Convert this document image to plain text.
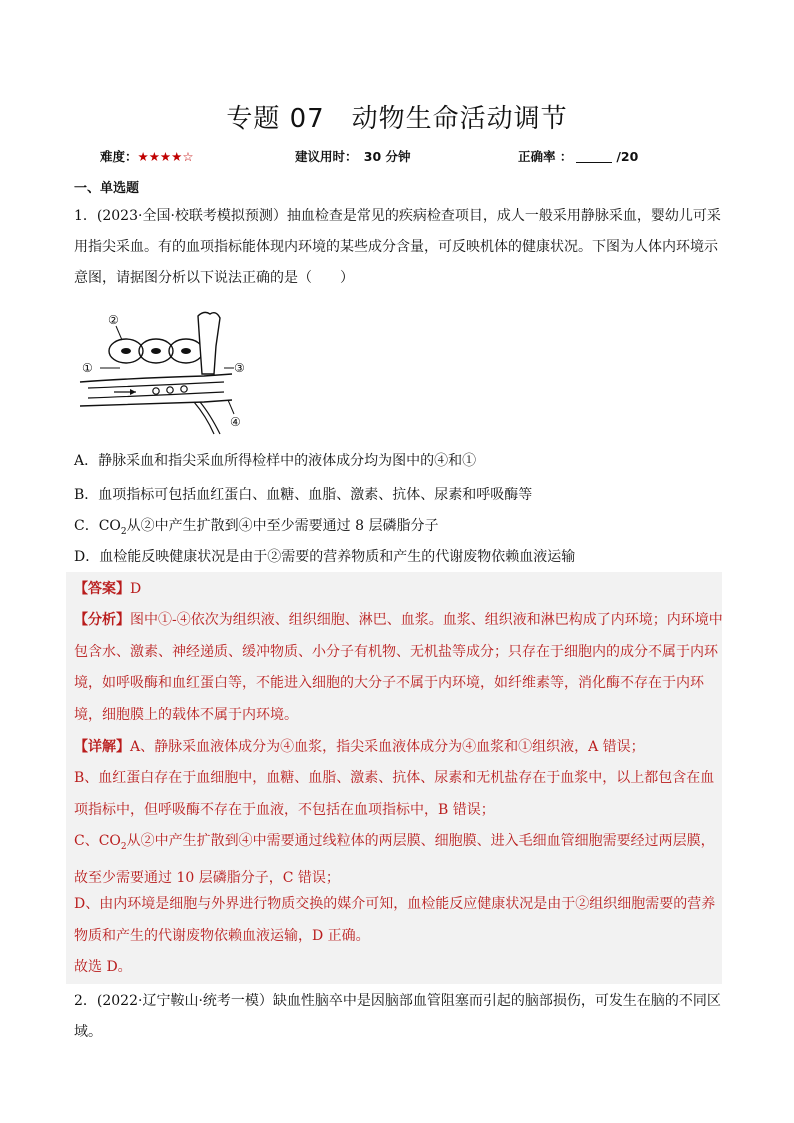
专题 07　动物生命活动调节
难度：★★★★☆	建议用时：　30 分钟	正确率 ：	/20
一、单选题
1．(2023·全国·校联考模拟预测）抽血检查是常见的疾病检查项目，成人一般采用静脉采血，婴幼儿可采用指尖采血。有的血项指标能体现内环境的某些成分含量，可反映机体的健康状况。下图为人体内环境示意图，请据图分析以下说法正确的是（　　）
②
①	③
④
A．静脉采血和指尖采血所得检样中的液体成分均为图中的④和①
B．血项指标可包括血红蛋白、血糖、血脂、激素、抗体、尿素和呼吸酶等
C．$CO_2$从②中产生扩散到④中至少需要通过 8 层磷脂分子
D．血检能反映健康状况是由于②需要的营养物质和产生的代谢废物依赖血液运输
【答案】D
【分析】图中①-④依次为组织液、组织细胞、淋巴、血浆。血浆、组织液和淋巴构成了内环境；内环境中包含水、激素、神经递质、缓冲物质、小分子有机物、无机盐等成分；只存在于细胞内的成分不属于内环境，如呼吸酶和血红蛋白等，不能进入细胞的大分子不属于内环境，如纤维素等，消化酶不存在于内环境，细胞膜上的载体不属于内环境。
【详解】A、静脉采血液体成分为④血浆，指尖采血液体成分为④血浆和①组织液，A 错误；
B、血红蛋白存在于血细胞中，血糖、血脂、激素、抗体、尿素和无机盐存在于血浆中，以上都包含在血项指标中，但呼吸酶不存在于血液，不包括在血项指标中，B 错误；
C、$CO_2$从②中产生扩散到④中需要通过线粒体的两层膜、细胞膜、进入毛细血管细胞需要经过两层膜，故至少需要通过 10 层磷脂分子，C 错误；
D、由内环境是细胞与外界进行物质交换的媒介可知，血检能反应健康状况是由于②组织细胞需要的营养物质和产生的代谢废物依赖血液运输，D 正确。
故选 D。
2．(2022·辽宁鞍山·统考一模）缺血性脑卒中是因脑部血管阻塞而引起的脑部损伤，可发生在脑的不同区域。
